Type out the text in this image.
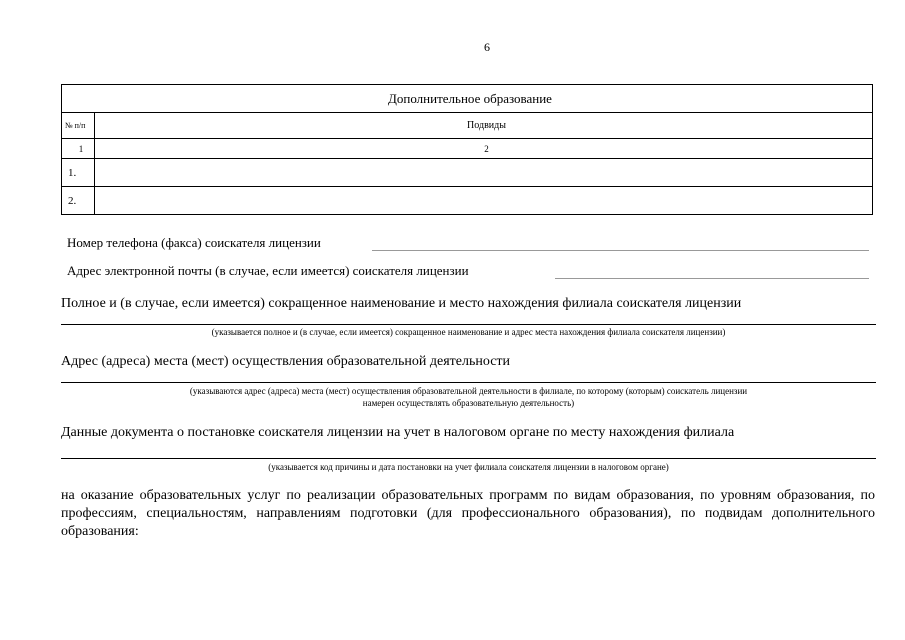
6
Дополнительное образование	
№ п/п	Подвиды
1	2
1.	
2.	
Номер телефона (факса) соискателя лицензии
Адрес электронной почты (в случае, если имеется) соискателя лицензии
Полное и (в случае, если имеется) сокращенное наименование и место нахождения филиала соискателя лицензии
(указывается полное и (в случае, если имеется) сокращенное наименование и адрес места нахождения филиала соискателя лицензии)
Адрес (адреса) места (мест) осуществления образовательной деятельности
(указываются адрес (адреса) места (мест) осуществления образовательной деятельности в филиале, по которому (которым) соискатель лицензии
намерен осуществлять образовательную деятельность)
Данные документа о постановке соискателя лицензии на учет в налоговом органе по месту нахождения филиала
(указывается код причины и дата постановки на учет филиала соискателя лицензии в налоговом органе)
на оказание образовательных услуг по реализации образовательных программ по видам образования, по уровням образования, по профессиям, специальностям, направлениям подготовки (для профессионального образования), по подвидам дополнительного образования:
